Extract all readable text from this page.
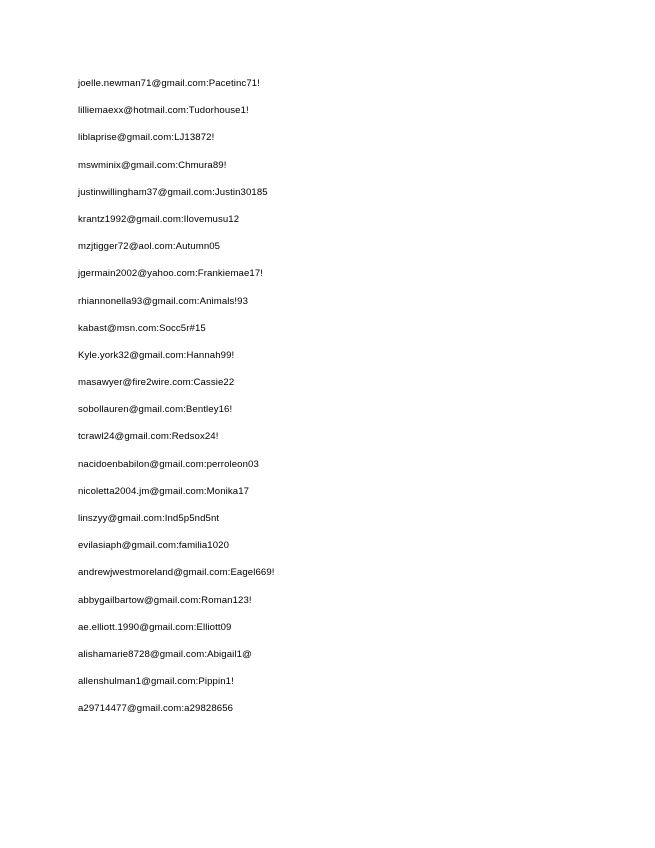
joelle.newman71@gmail.com:Pacetinc71!
lilliemaexx@hotmail.com:Tudorhouse1!
liblaprise@gmail.com:LJ13872!
mswminix@gmail.com:Chmura89!
justinwillingham37@gmail.com:Justin30185
krantz1992@gmail.com:Ilovemusu12
mzjtigger72@aol.com:Autumn05
jgermain2002@yahoo.com:Frankiemae17!
rhiannonella93@gmail.com:Animals!93
kabast@msn.com:Socc5r#15
Kyle.york32@gmail.com:Hannah99!
masawyer@fire2wire.com:Cassie22
sobollauren@gmail.com:Bentley16!
tcrawl24@gmail.com:Redsox24!
nacidoenbabilon@gmail.com:perroleon03
nicoletta2004.jm@gmail.com:Monika17
linszyy@gmail.com:Ind5p5nd5nt
evilasiaph@gmail.com:familia1020
andrewjwestmoreland@gmail.com:Eagel669!
abbygailbartow@gmail.com:Roman123!
ae.elliott.1990@gmail.com:Elliott09
alishamarie8728@gmail.com:Abigail1@
allenshulman1@gmail.com:Pippin1!
a29714477@gmail.com:a29828656
